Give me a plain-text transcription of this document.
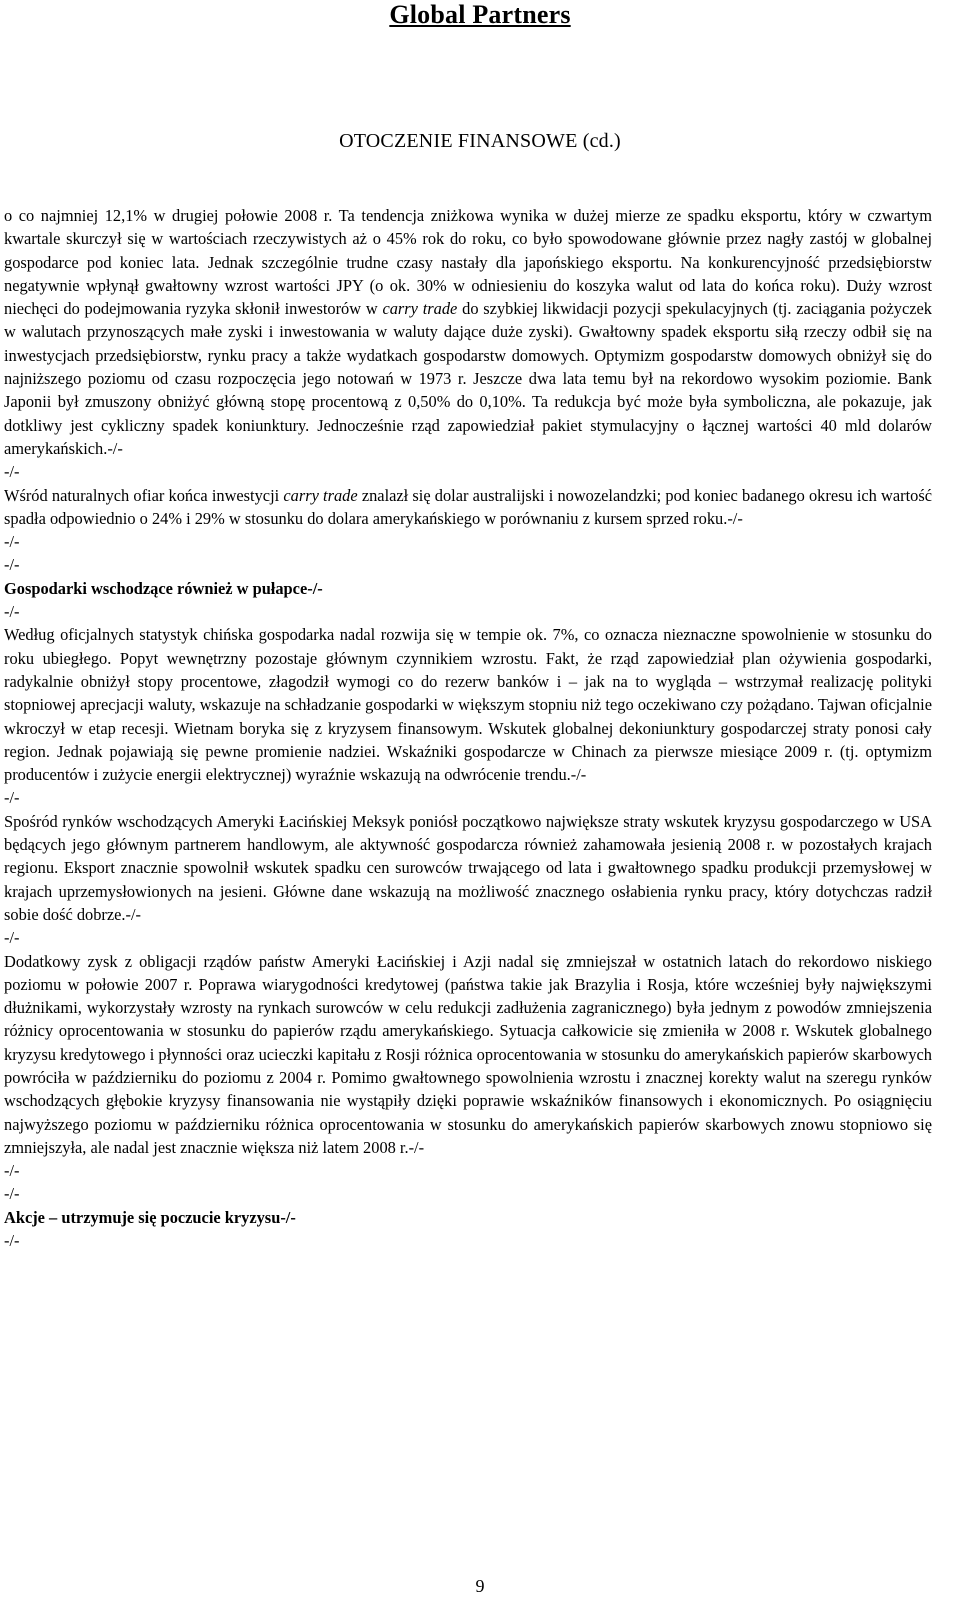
Global Partners
OTOCZENIE FINANSOWE (cd.)

o co najmniej 12,1% w drugiej połowie 2008 r. Ta tendencja zniżkowa wynika w dużej mierze ze spadku eksportu, który w czwartym kwartale skurczył się w wartościach rzeczywistych aż o 45% rok do roku, co było spowodowane głównie przez nagły zastój w globalnej gospodarce pod koniec lata. Jednak szczególnie trudne czasy nastały dla japońskiego eksportu. Na konkurencyjność przedsiębiorstw negatywnie wpłynął gwałtowny wzrost wartości JPY (o ok. 30% w odniesieniu do koszyka walut od lata do końca roku). Duży wzrost niechęci do podejmowania ryzyka skłonił inwestorów w carry trade do szybkiej likwidacji pozycji spekulacyjnych (tj. zaciągania pożyczek w walutach przynoszących małe zyski i inwestowania w waluty dające duże zyski). Gwałtowny spadek eksportu siłą rzeczy odbił się na inwestycjach przedsiębiorstw, rynku pracy a także wydatkach gospodarstw domowych. Optymizm gospodarstw domowych obniżył się do najniższego poziomu od czasu rozpoczęcia jego notowań w 1973 r. Jeszcze dwa lata temu był na rekordowo wysokim poziomie. Bank Japonii był zmuszony obniżyć główną stopę procentową z 0,50% do 0,10%. Ta redukcja być może była symboliczna, ale pokazuje, jak dotkliwy jest cykliczny spadek koniunktury. Jednocześnie rząd zapowiedział pakiet stymulacyjny o łącznej wartości 40 mld dolarów amerykańskich.-/-

-/-

Wśród naturalnych ofiar końca inwestycji carry trade znalazł się dolar australijski i nowozelandzki; pod koniec badanego okresu ich wartość spadła odpowiednio o 24% i 29% w stosunku do dolara amerykańskiego w porównaniu z kursem sprzed roku.-/-

-/-

-/-

Gospodarki wschodzące również w pułapce-/-

-/-

Według oficjalnych statystyk chińska gospodarka nadal rozwija się w tempie ok. 7%, co oznacza nieznaczne spowolnienie w stosunku do roku ubiegłego. Popyt wewnętrzny pozostaje głównym czynnikiem wzrostu. Fakt, że rząd zapowiedział plan ożywienia gospodarki, radykalnie obniżył stopy procentowe, złagodził wymogi co do rezerw banków i – jak na to wygląda – wstrzymał realizację polityki stopniowej aprecjacji waluty, wskazuje na schładzanie gospodarki w większym stopniu niż tego oczekiwano czy pożądano. Tajwan oficjalnie wkroczył w etap recesji. Wietnam boryka się z kryzysem finansowym. Wskutek globalnej dekoniunktury gospodarczej straty ponosi cały region. Jednak pojawiają się pewne promienie nadziei. Wskaźniki gospodarcze w Chinach za pierwsze miesiące 2009 r. (tj. optymizm producentów i zużycie energii elektrycznej) wyraźnie wskazują na odwrócenie trendu.-/-

-/-

Spośród rynków wschodzących Ameryki Łacińskiej Meksyk poniósł początkowo największe straty wskutek kryzysu gospodarczego w USA będących jego głównym partnerem handlowym, ale aktywność gospodarcza również zahamowała jesienią 2008 r. w pozostałych krajach regionu. Eksport znacznie spowolnił wskutek spadku cen surowców trwającego od lata i gwałtownego spadku produkcji przemysłowej w krajach uprzemysłowionych na jesieni. Główne dane wskazują na możliwość znacznego osłabienia rynku pracy, który dotychczas radził sobie dość dobrze.-/-

-/-

Dodatkowy zysk z obligacji rządów państw Ameryki Łacińskiej i Azji nadal się zmniejszał w ostatnich latach do rekordowo niskiego poziomu w połowie 2007 r. Poprawa wiarygodności kredytowej (państwa takie jak Brazylia i Rosja, które wcześniej były największymi dłużnikami, wykorzystały wzrosty na rynkach surowców w celu redukcji zadłużenia zagranicznego) była jednym z powodów zmniejszenia różnicy oprocentowania w stosunku do papierów rządu amerykańskiego. Sytuacja całkowicie się zmieniła w 2008 r. Wskutek globalnego kryzysu kredytowego i płynności oraz ucieczki kapitału z Rosji różnica oprocentowania w stosunku do amerykańskich papierów skarbowych powróciła w październiku do poziomu z 2004 r. Pomimo gwałtownego spowolnienia wzrostu i znacznej korekty walut na szeregu rynków wschodzących głębokie kryzysy finansowania nie wystąpiły dzięki poprawie wskaźników finansowych i ekonomicznych. Po osiągnięciu najwyższego poziomu w październiku różnica oprocentowania w stosunku do amerykańskich papierów skarbowych znowu stopniowo się zmniejszyła, ale nadal jest znacznie większa niż latem 2008 r.-/-

-/-

-/-

Akcje – utrzymuje się poczucie kryzysu-/-

-/-

9
